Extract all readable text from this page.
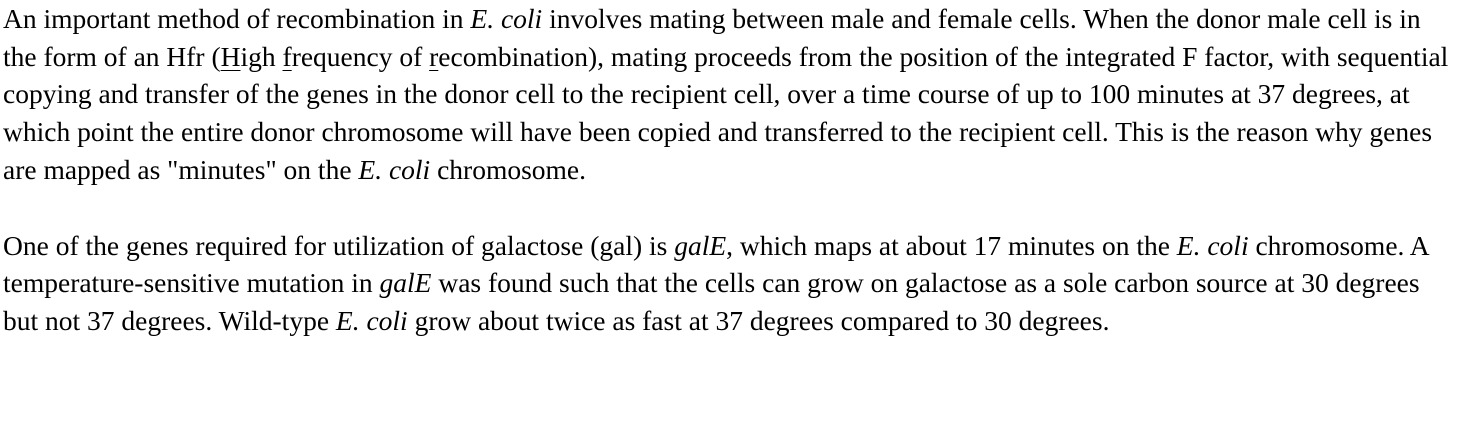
An important method of recombination in E. coli involves mating between male and female cells. When the donor male cell is in the form of an Hfr (High frequency of recombination), mating proceeds from the position of the integrated F factor, with sequential copying and transfer of the genes in the donor cell to the recipient cell, over a time course of up to 100 minutes at 37 degrees, at which point the entire donor chromosome will have been copied and transferred to the recipient cell. This is the reason why genes are mapped as "minutes" on the E. coli chromosome.

One of the genes required for utilization of galactose (gal) is galE, which maps at about 17 minutes on the E. coli chromosome. A temperature-sensitive mutation in galE was found such that the cells can grow on galactose as a sole carbon source at 30 degrees but not 37 degrees. Wild-type E. coli grow about twice as fast at 37 degrees compared to 30 degrees.
